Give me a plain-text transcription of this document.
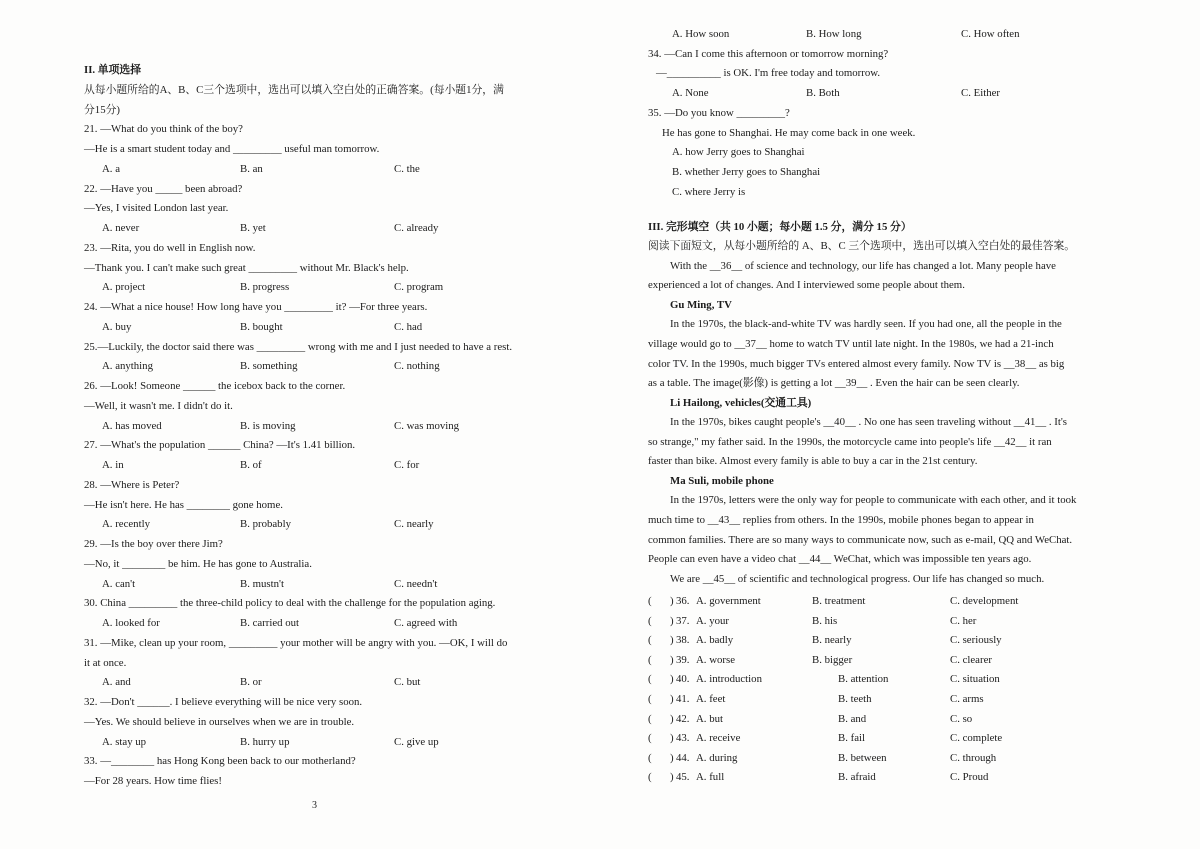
II. 单项选择
从每小题所给的A、B、C三个选项中，选出可以填入空白处的正确答案。(每小题1分，满
分15分)
21. —What do you think of the boy?
—He is a smart student today and _________ useful man tomorrow.
A. a	B. an	C. the
22. —Have you _____ been abroad?
—Yes, I visited London last year.
A. never	B. yet	C. already
23. —Rita, you do well in English now.
—Thank you. I can't make such great _________ without Mr. Black's help.
A. project	B. progress	C. program
24. —What a nice house! How long have you _________ it? —For three years.
A. buy	B. bought	C. had
25.—Luckily, the doctor said there was _________ wrong with me and I just needed to have a rest.
A. anything	B. something	C. nothing
26. —Look! Someone ______ the icebox back to the corner.
—Well, it wasn't me. I didn't do it.
A. has moved	B. is moving	C. was moving
27. —What's the population ______ China? —It's 1.41 billion.
A. in	B. of	C. for
28. —Where is Peter?
—He isn't here. He has ________ gone home.
A. recently	B. probably	C. nearly
29. —Is the boy over there Jim?
—No, it ________ be him. He has gone to Australia.
A. can't	B. mustn't	C. needn't
30. China _________ the three-child policy to deal with the challenge for the population aging.
A. looked for	B. carried out	C. agreed with
31. —Mike, clean up your room, _________ your mother will be angry with you. —OK, I will do
it at once.
A. and	B. or	C. but
32. —Don't ______. I believe everything will be nice very soon.
—Yes. We should believe in ourselves when we are in trouble.
A. stay up	B. hurry up	C. give up
33. —________ has Hong Kong been back to our motherland?
—For 28 years. How time flies!
3
A. How soon	B. How long	C. How often
34. —Can I come this afternoon or tomorrow morning?
—__________ is OK. I'm free today and tomorrow.
A. None	B. Both	C. Either
35. —Do you know _________?
He has gone to Shanghai. He may come back in one week.
A. how Jerry goes to Shanghai
B. whether Jerry goes to Shanghai
C. where Jerry is
III. 完形填空（共 10 小题；每小题 1.5 分，满分 15 分）
阅读下面短文，从每小题所给的 A、B、C 三个选项中，选出可以填入空白处的最佳答案。
With the __36__ of science and technology, our life has changed a lot. Many people have
experienced a lot of changes. And I interviewed some people about them.
Gu Ming, TV
In the 1970s, the black-and-white TV was hardly seen. If you had one, all the people in the
village would go to __37__ home to watch TV until late night. In the 1980s, we had a 21-inch
color TV. In the 1990s, much bigger TVs entered almost every family. Now TV is __38__ as big
as a table. The image(影像) is getting a lot __39__ . Even the hair can be seen clearly.
Li Hailong, vehicles(交通工具)
In the 1970s, bikes caught people's __40__ . No one has seen traveling without __41__ . It's
so strange," my father said. In the 1990s, the motorcycle came into people's life __42__ it ran
faster than bike. Almost every family is able to buy a car in the 21st century.
Ma Suli, mobile phone
In the 1970s, letters were the only way for people to communicate with each other, and it took
much time to __43__ replies from others. In the 1990s, mobile phones began to appear in
common families. There are so many ways to communicate now, such as e-mail, QQ and WeChat.
People can even have a video chat __44__ WeChat, which was impossible ten years ago.
We are __45__ of scientific and technological progress. Our life has changed so much.
( ) 36. A. government	B. treatment	C. development
( ) 37. A. your	B. his	C. her
( ) 38. A. badly	B. nearly	C. seriously
( ) 39. A. worse	B. bigger	C. clearer
( ) 40. A. introduction	B. attention	C. situation
( ) 41. A. feet	B. teeth	C. arms
( ) 42. A. but	B. and	C. so
( ) 43. A. receive	B. fail	C. complete
( ) 44. A. during	B. between	C. through
( ) 45. A. full	B. afraid	C. Proud
